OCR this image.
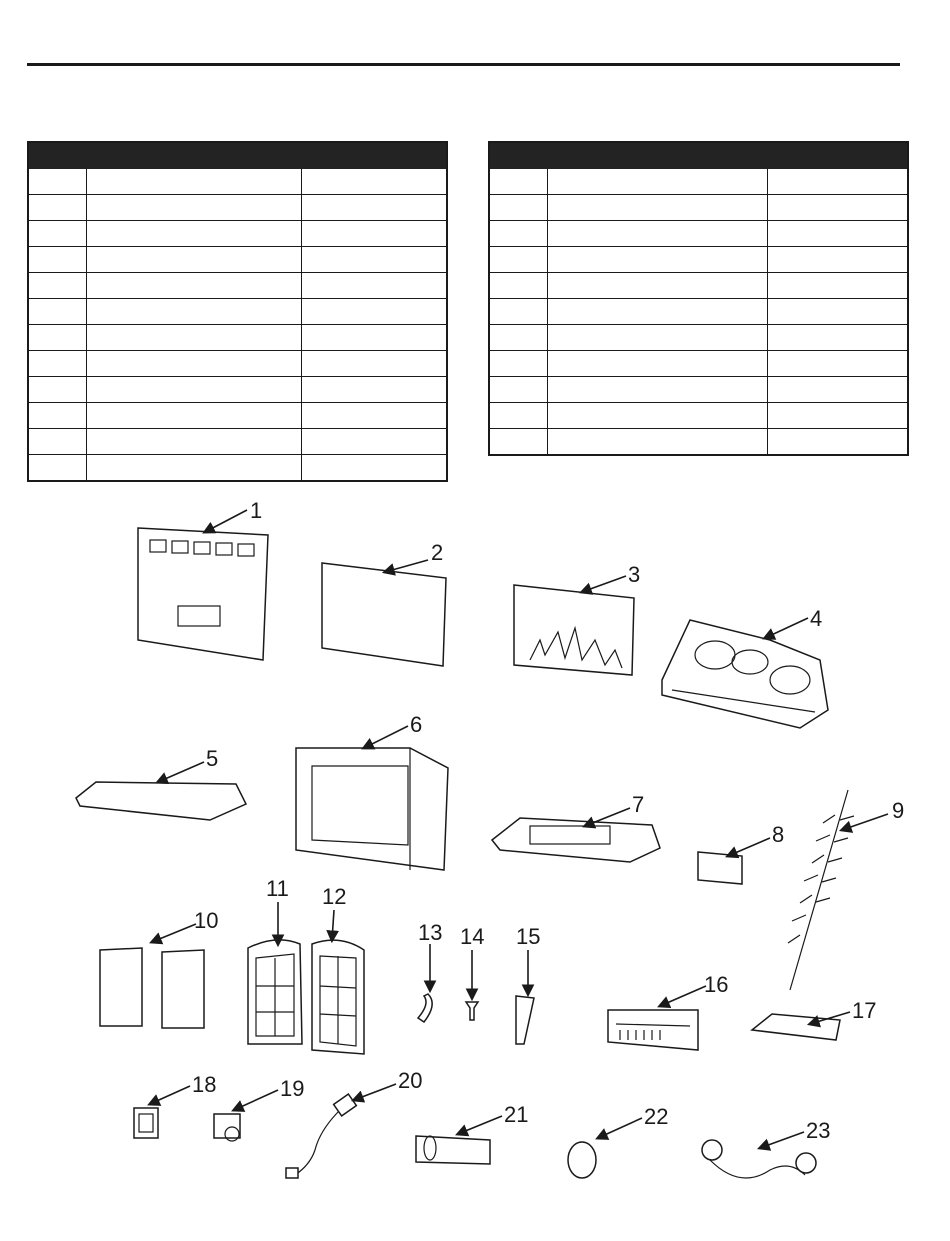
1
2
3
4
5
6
7
8
9
10
11 12
13 14 15
16
17
18	19	20
21	22
23
